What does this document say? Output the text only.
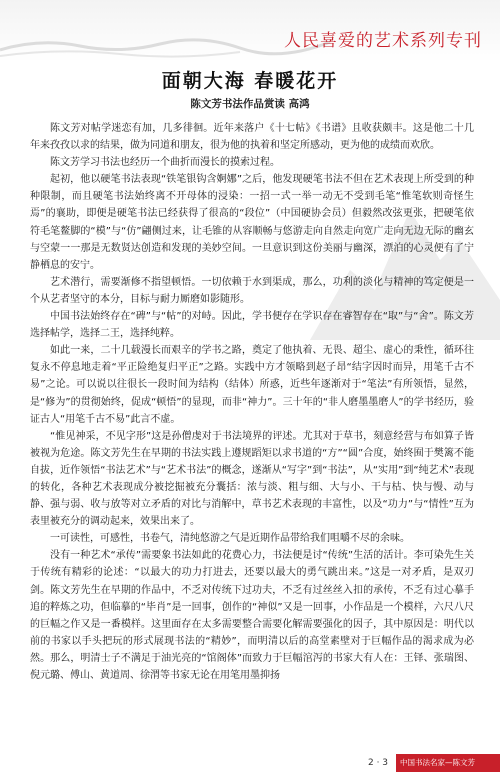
人民喜爱的艺术系列专刊
面朝大海 春暖花开
陈文芳书法作品赏读 高鸿

陈文芳对帖学迷恋有加，几多徘徊。近年来落户《十七帖》《书谱》且收获颇丰。这是他二十几年来孜孜以求的结果，做为同道和朋友，很为他的执着和坚定所感动，更为他的成绩而欢欣。

陈文芳学习书法也经历一个曲折而漫长的摸索过程。

起初，他以硬笔书法表现“铁笔银钩含婀娜”之后，他发现硬笔书法不但在艺术表现上所受到的种种限制，而且硬笔书法始终离不开母体的浸染：一招一式一举一动无不受到毛笔“惟笔软则奇怪生焉”的襄助，即便是硬笔书法已经获得了很高的“段位”（中国硬协会员）但毅然改弦更张，把硬笔依符毛笔鳌脚的“模”与“仿”翩侧过来，让毛锥的从容顺畅与悠游走向自然走向宽广走向无边无际的幽玄与空蒙一一那是无数贤达创造和发现的美妙空间。一旦意识到这份美丽与幽深，漂泊的心灵便有了宁静栖息的安宁。

艺术潜行，需要渐修不指望顿悟。一切依赖于水到渠成，那么，功利的淡化与精神的笃定便是一个从艺者坚守的本分，目标与耐力厮磨如影随形。

中国书法始终存在“碑”与“帖”的对峙。因此，学书便存在学识存在睿智存在“取”与“舍”。陈文芳选择帖学，选择二王，选择纯粹。

如此一来，二十几载漫长而艰辛的学书之路，奠定了他执着、无畏、超尘、虚心的秉性，循环往复永不停息地走着“平正险绝复归平正”之路。实践中方才领略到赵子昂“结字因时而异，用笔千古不易”之论。可以说以往很长一段时间为结构（结体）所惑，近些年逐渐对于“笔法”有所领悟，显然，是“修为”的贯彻始终，促成“顿悟”的显现，而非“神力”。三十年的“非人磨墨墨磨人”的学书经历，验证古人“用笔千古不易”此言不虚。

“惟见神采，不见字形”这是孙僧虔对于书法境界的评述。尤其对于草书，刻意经营与布如算子皆被视为危途。陈文芳先生在早期的书法实践上遵规蹈矩以求书道的“方”“圆”合度，始终囿于樊篱不能自拔，近作领悟“书法艺术”与“艺术书法”的概念，遂渐从“写字”到“书法”，从“实用”到“纯艺术”表现的转化，各种艺术表现成分被挖掘被充分囊括：浓与淡、粗与细、大与小、干与枯、快与慢、动与静、强与弱、收与放等对立矛盾的对比与消解中，草书艺术表现的丰富性，以及“功力”与“情性”互为表里被充分的调动起来，效果出来了。

一可读性，可感性，书卷气，清纯悠游之气是近期作品带给我们咀嚼不尽的余味。

没有一种艺术“承传”需要象书法如此的花费心力，书法便是讨“传统”生活的活计。李可染先生关于传统有精彩的论述：“以最大的功力打进去，还要以最大的勇气跳出来。”这是一对矛盾，是双刃剑。陈文芳先生在早期的作品中，不乏对传统下过功夫，不乏有过丝丝入扣的承传，不乏有过心摹手追的粹炼之功，但临摹的“毕肖”是一回事，创作的“神似”又是一回事，小作品是一个模样，六尺八尺的巨幅之作又是一番模样。这里面存在太多需要整合需要化解需要强化的因子，其中原因是：明代以前的书家以手头把玩的形式展现书法的“精妙”，而明清以后的高堂素壁对于巨幅作品的渴求成为必然。那么，明清士子不满足于油光亮的“馆阁体”而致力于巨幅涫泻的书家大有人在：王铎、张瑞图、倪元璐、傅山、黄道周、徐渭等书家无论在用笔用墨抑扬

2 · 3 中国书法名家—陈文芳
